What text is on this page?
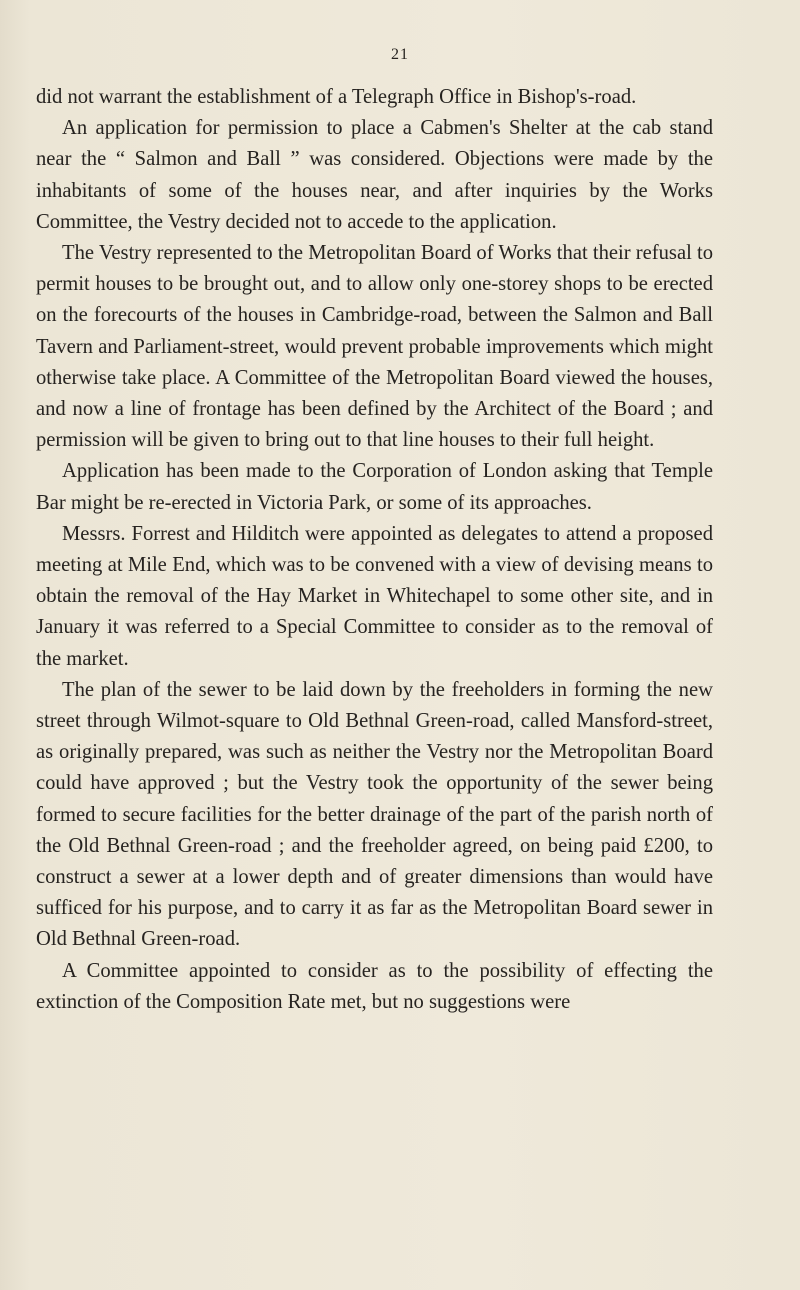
21

did not warrant the establishment of a Telegraph Office in Bishop's-road.

An application for permission to place a Cabmen's Shelter at the cab stand near the “ Salmon and Ball ” was considered. Objections were made by the inhabitants of some of the houses near, and after inquiries by the Works Committee, the Vestry decided not to accede to the application.

The Vestry represented to the Metropolitan Board of Works that their refusal to permit houses to be brought out, and to allow only one-storey shops to be erected on the forecourts of the houses in Cambridge-road, between the Salmon and Ball Tavern and Parliament-street, would prevent probable improvements which might otherwise take place. A Committee of the Metropolitan Board viewed the houses, and now a line of frontage has been defined by the Architect of the Board ; and permission will be given to bring out to that line houses to their full height.

Application has been made to the Corporation of London asking that Temple Bar might be re-erected in Victoria Park, or some of its approaches.

Messrs. Forrest and Hilditch were appointed as delegates to attend a proposed meeting at Mile End, which was to be convened with a view of devising means to obtain the removal of the Hay Market in Whitechapel to some other site, and in January it was referred to a Special Committee to consider as to the removal of the market.

The plan of the sewer to be laid down by the freeholders in forming the new street through Wilmot-square to Old Bethnal Green-road, called Mansford-street, as originally prepared, was such as neither the Vestry nor the Metropolitan Board could have approved ; but the Vestry took the opportunity of the sewer being formed to secure facilities for the better drainage of the part of the parish north of the Old Bethnal Green-road ; and the freeholder agreed, on being paid £200, to construct a sewer at a lower depth and of greater dimensions than would have sufficed for his purpose, and to carry it as far as the Metropolitan Board sewer in Old Bethnal Green-road.

A Committee appointed to consider as to the possibility of effecting the extinction of the Composition Rate met, but no suggestions were
